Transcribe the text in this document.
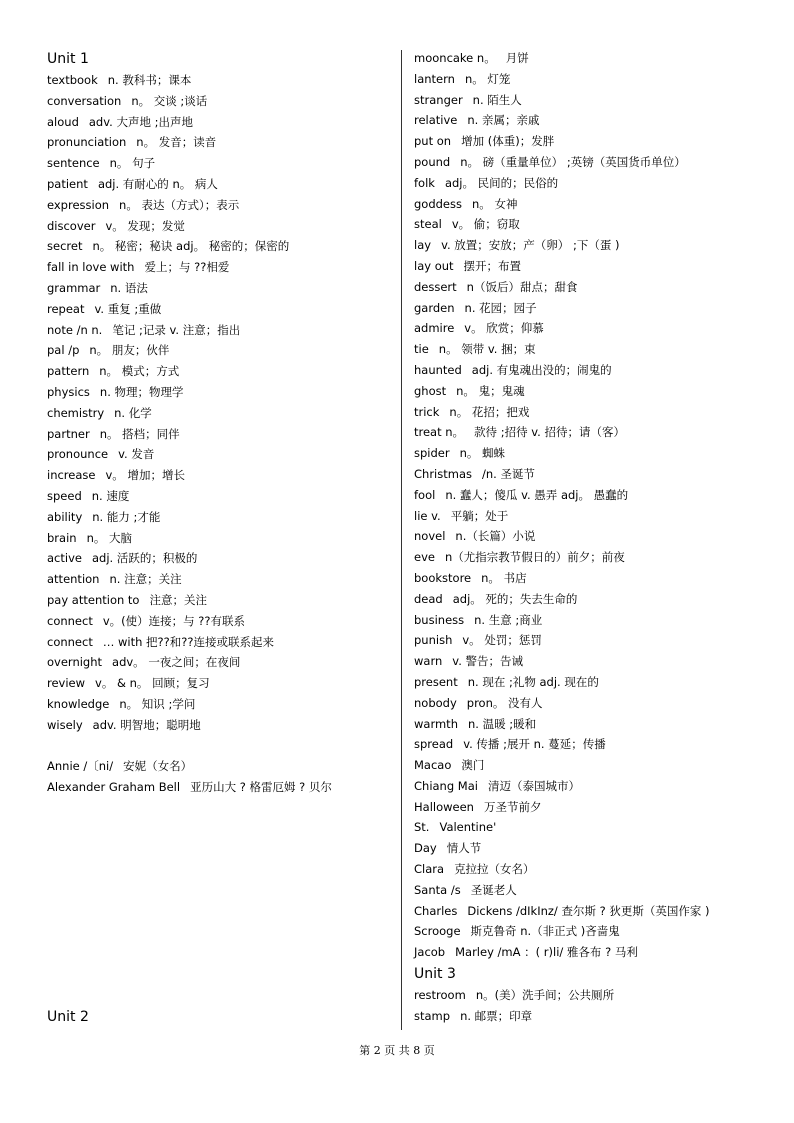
Unit 1
textbook n. 教科书；课本
conversation n。 交谈 ;谈话
aloud adv. 大声地 ;出声地
pronunciation n。 发音；读音
sentence n。 句子
patient adj. 有耐心的 n。 病人
expression n。 表达（方式）；表示
discover v。 发现；发觉
secret n。 秘密；秘诀 adj。 秘密的；保密的
fall in love with 爱上；与 ??相爱
grammar n. 语法
repeat v. 重复 ;重做
note /n n. 笔记 ;记录 v. 注意；指出
pal /p n。 朋友；伙伴
pattern n。 模式；方式
physics n. 物理；物理学
chemistry n. 化学
partner n。 搭档；同伴
pronounce v. 发音
increase v。 增加；增长
speed n. 速度
ability n. 能力 ;才能
brain n。 大脑
active adj. 活跃的；积极的
attention n. 注意；关注
pay attention to 注意；关注
connect v。(使）连接；与 ??有联系
connect … with 把??和??连接或联系起来
overnight adv。 一夜之间；在夜间
review v。 & n。 回顾；复习
knowledge n。 知识 ;学问
wisely adv. 明智地；聪明地
Annie /〔ni/ 安妮（女名）
Alexander Graham Bell 亚历山大 ? 格雷厄姆 ? 贝尔
Unit 2
mooncake n。 月饼
lantern n。 灯笼
stranger n. 陌生人
relative n. 亲属；亲戚
put on 增加 (体重)；发胖
pound n。 磅（重量单位） ;英镑（英国货币单位）
folk adj。 民间的；民俗的
goddess n。 女神
steal v。 偷；窃取
lay v. 放置；安放；产（卵） ;下（蛋 )
lay out 摆开；布置
dessert n（饭后）甜点；甜食
garden n. 花园；园子
admire v。 欣赏；仰慕
tie n。 领带 v. 捆；束
haunted adj. 有鬼魂出没的；闹鬼的
ghost n。 鬼；鬼魂
trick n。 花招；把戏
treat n。 款待 ;招待 v. 招待；请（客）
spider n。 蜘蛛
Christmas /n. 圣诞节
fool n. 蠢人；傻瓜 v. 愚弄 adj。 愚蠢的
lie v. 平躺；处于
novel n.（长篇）小说
eve n（尤指宗教节假日的）前夕；前夜
bookstore n。 书店
dead adj。 死的；失去生命的
business n. 生意 ;商业
punish v。 处罚；惩罚
warn v. 警告；告诫
present n. 现在 ;礼物 adj. 现在的
nobody pron。 没有人
warmth n. 温暖 ;暖和
spread v. 传播 ;展开 n. 蔓延；传播
Macao 澳门
Chiang Mai 清迈（泰国城市）
Halloween 万圣节前夕
St. Valentine'
Day 情人节
Clara 克拉拉（女名）
Santa /s 圣诞老人
Charles Dickens /dIkInz/ 查尔斯 ? 狄更斯（英国作家 )
Scrooge 斯克鲁奇 n.（非正式 )吝啬鬼
Jacob Marley /mA ：( r)li/ 雅各布 ? 马利
Unit 3
restroom n。(美）洗手间；公共厕所
stamp n. 邮票；印章
第 2 页 共 8 页
